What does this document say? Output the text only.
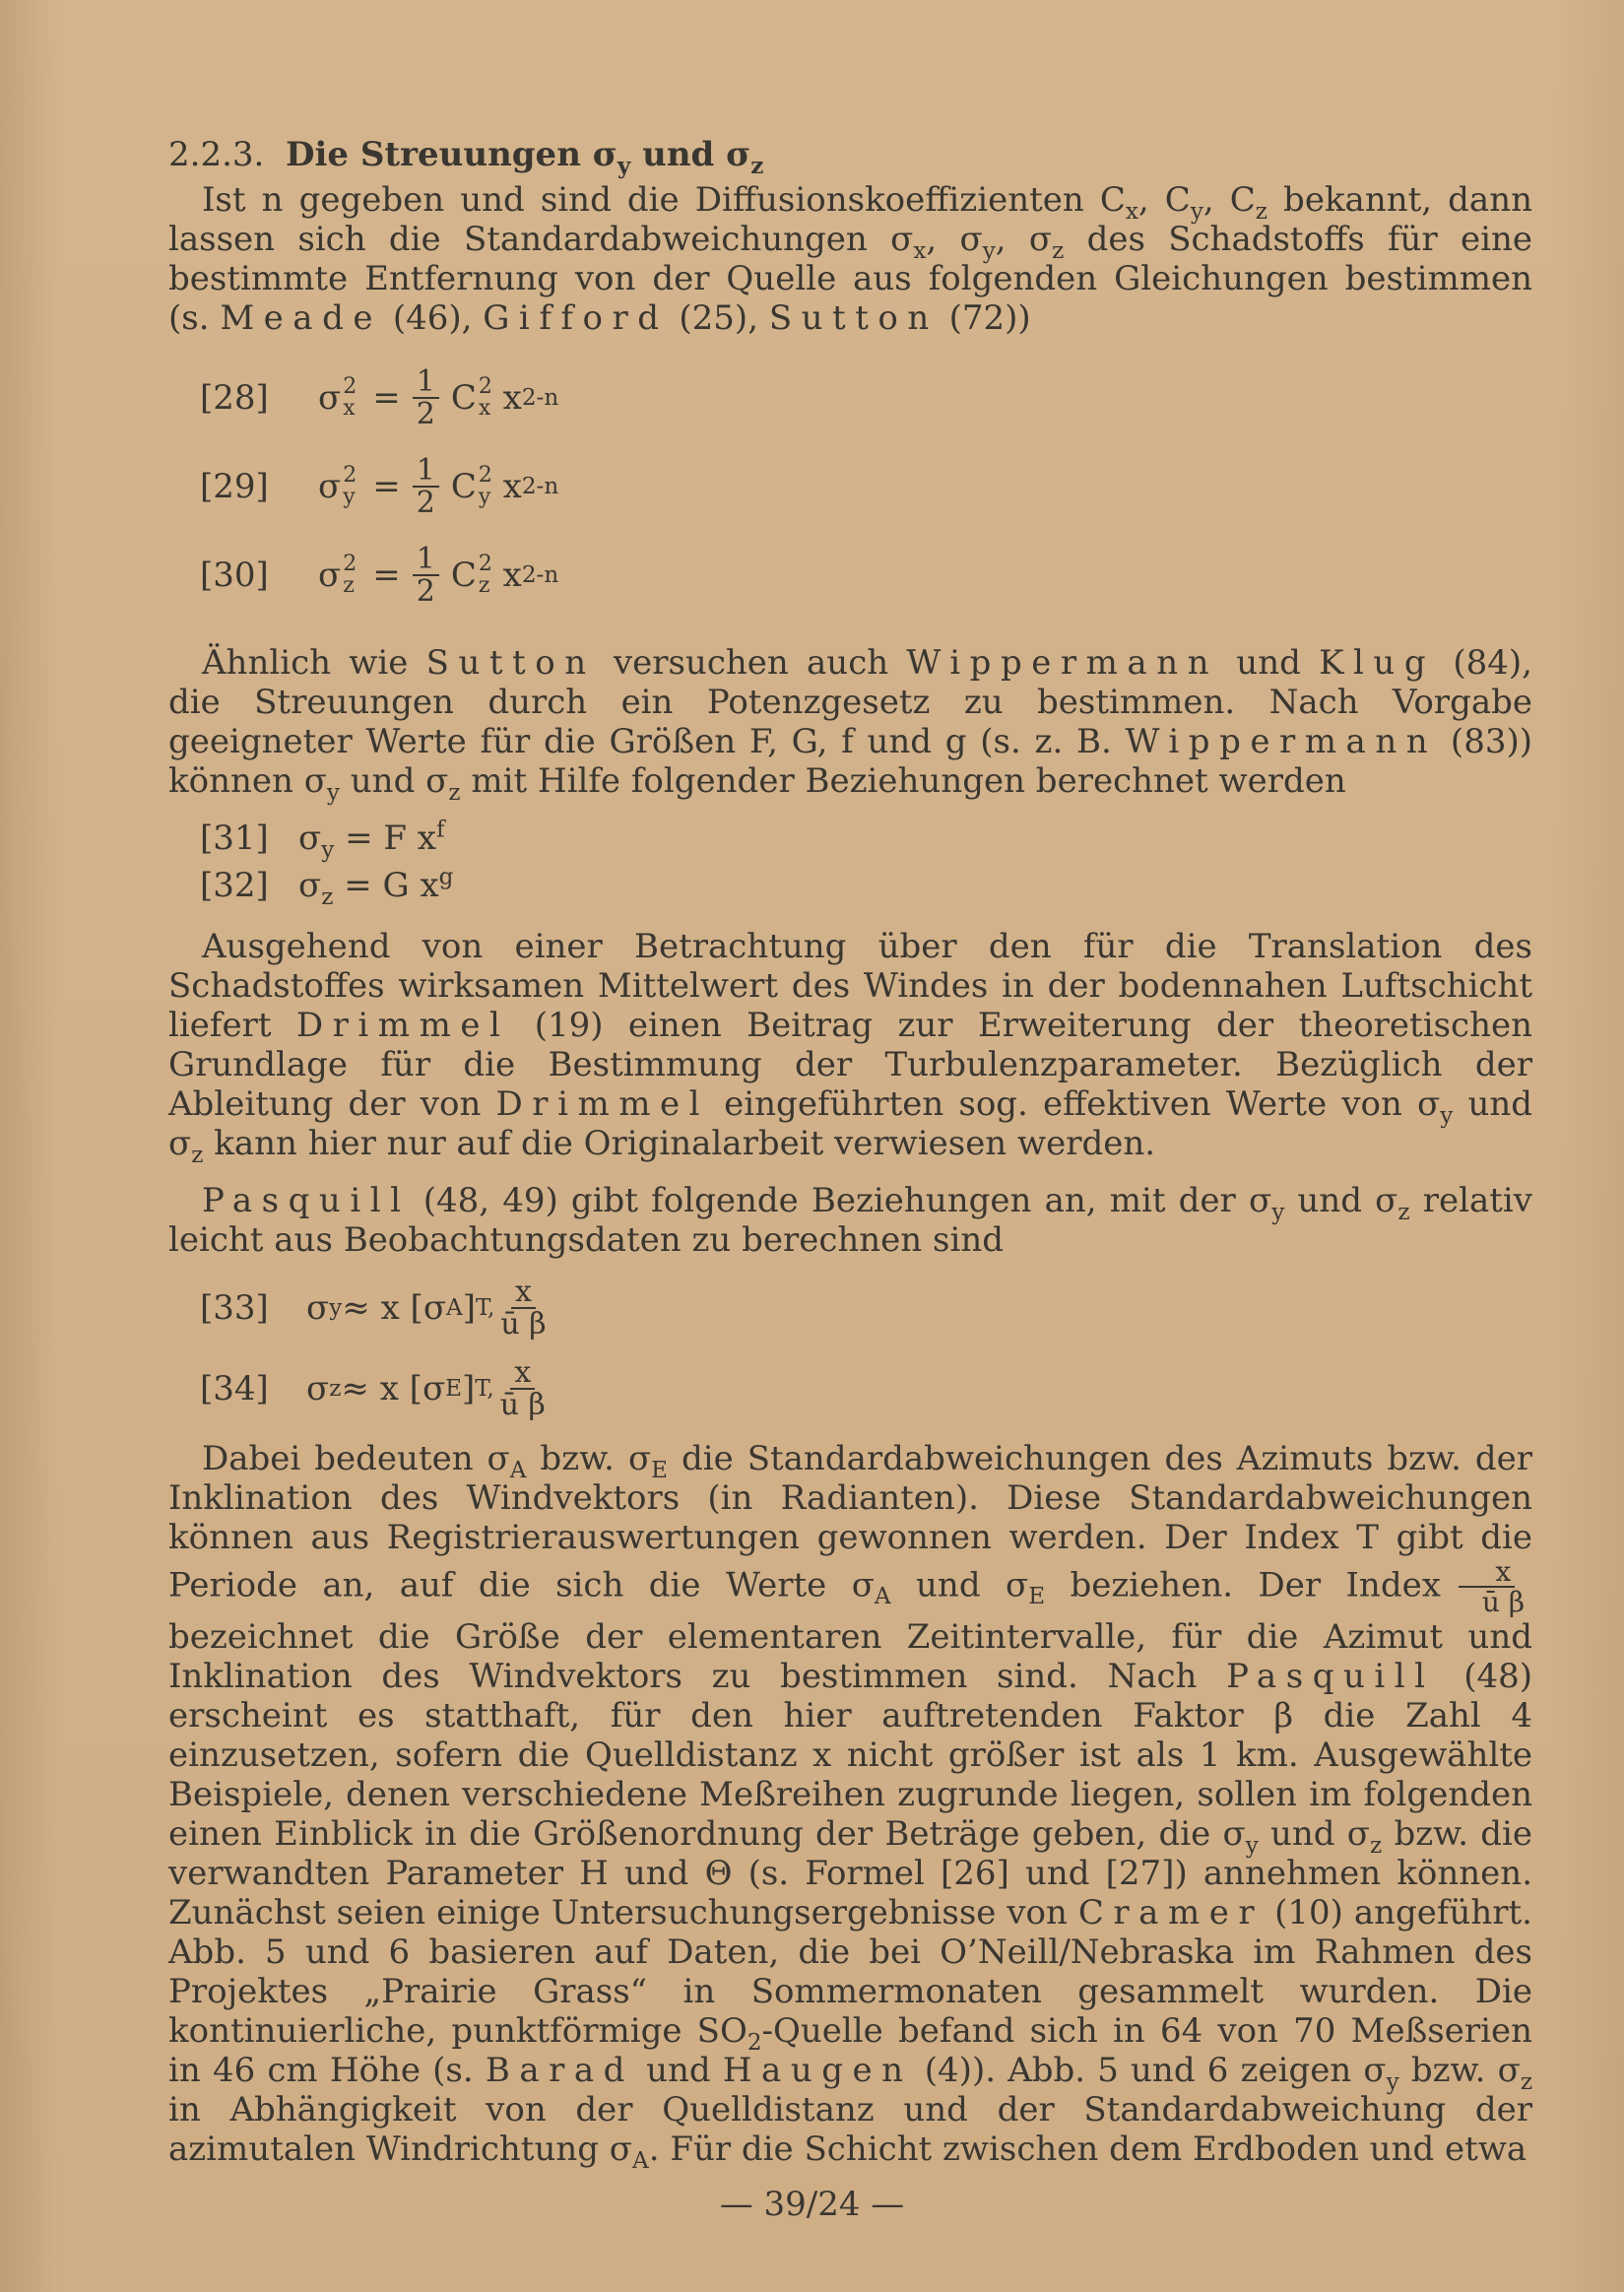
2.2.3. Die Streuungen $\sigma_y$ und $\sigma_z$

Ist n gegeben und sind die Diffusionskoeffizienten $C_x$, $C_y$, $C_z$ bekannt, dann lassen sich die Standardabweichungen $\sigma_x$, $\sigma_y$, $\sigma_z$ des Schadstoffs für eine bestimmte Entfernung von der Quelle aus folgenden Gleichungen bestimmen (s. Meade (46), Gifford (25), Sutton (72))

[28]	σ 2
$x = \frac{1}{2}$ C 2
x
x 2-n
[29]	σ 2
$y = \frac{1}{2}$ C 2
y
x 2-n
[30]	σ 2
$z = \frac{1}{2}$ C 2
z
x 2-n

Ähnlich wie Sutton versuchen auch Wippermann und Klug (84), die Streuungen durch ein Potenzgesetz zu bestimmen. Nach Vorgabe geeigneter Werte für die Größen F, G, f und g (s. z. B. Wippermann (83)) können $\sigma_y$ und $\sigma_z$ mit Hilfe folgender Beziehungen berechnet werden

[31] $\sigma_y = F$ $x^f$
[32] $\sigma_z = G$ $x^g$

Ausgehend von einer Betrachtung über den für die Translation des Schadstoffes wirksamen Mittelwert des Windes in der bodennahen Luftschicht liefert Drimmel (19) einen Beitrag zur Erweiterung der theoretischen Grundlage für die Bestimmung der Turbulenzparameter. Bezüglich der Ableitung der von Drimmel eingeführten sog. effektiven Werte von $\sigma_y$ und $\sigma_z$ kann hier nur auf die Originalarbeit verwiesen werden.

Pasquill (48, 49) gibt folgende Beziehungen an, mit der $\sigma_y$ und $\sigma_z$ relativ leicht aus Beobachtungsdaten zu berechnen sind

[33]	σ y ≈ x [σ A ] T, $\frac{x}{\text{ū β}}$
[34]	σ z ≈ x [σ E ] T, $\frac{x}{\text{ū β}}$

Dabei bedeuten $\sigma_A$ bzw. $\sigma_E$ die Standardabweichungen des Azimuts bzw. der Inklination des Windvektors (in Radianten). Diese Standardabweichungen können aus Registrierauswertungen gewonnen werden. Der Index T gibt die Periode an, auf die sich die Werte $\sigma_A$ und $\sigma_E$ beziehen. Der Index $\frac{x}{\text{ū β}}$
bezeichnet die Größe der elementaren Zeitintervalle, für die Azimut und Inklination des Windvektors zu bestimmen sind. Nach Pasquill (48) erscheint es statthaft, für den hier auftretenden Faktor β die Zahl 4 einzusetzen, sofern die Quelldistanz x nicht größer ist als 1 km. Ausgewählte Beispiele, denen verschiedene Meßreihen zugrunde liegen, sollen im folgenden einen Einblick in die Größenordnung der Beträge geben, die $\sigma_y$ und $\sigma_z$ bzw. die verwandten Parameter H und Θ (s. Formel [26] und [27]) annehmen können. Zunächst seien einige Untersuchungsergebnisse von Cramer (10) angeführt. Abb. 5 und 6 basieren auf Daten, die bei O’Neill/Nebraska im Rahmen des Projektes „Prairie Grass“ in Sommermonaten gesammelt wurden. Die kontinuierliche, punktförmige $SO_2$-Quelle befand sich in 64 von 70 Meßserien in 46 cm Höhe (s. Barad und Haugen (4)). Abb. 5 und 6 zeigen $\sigma_y$ bzw. $\sigma_z$ in Abhängigkeit von der Quelldistanz und der Standardabweichung der azimutalen Windrichtung $\sigma_A$. Für die Schicht zwischen dem Erdboden und etwa

— 39/24 —
